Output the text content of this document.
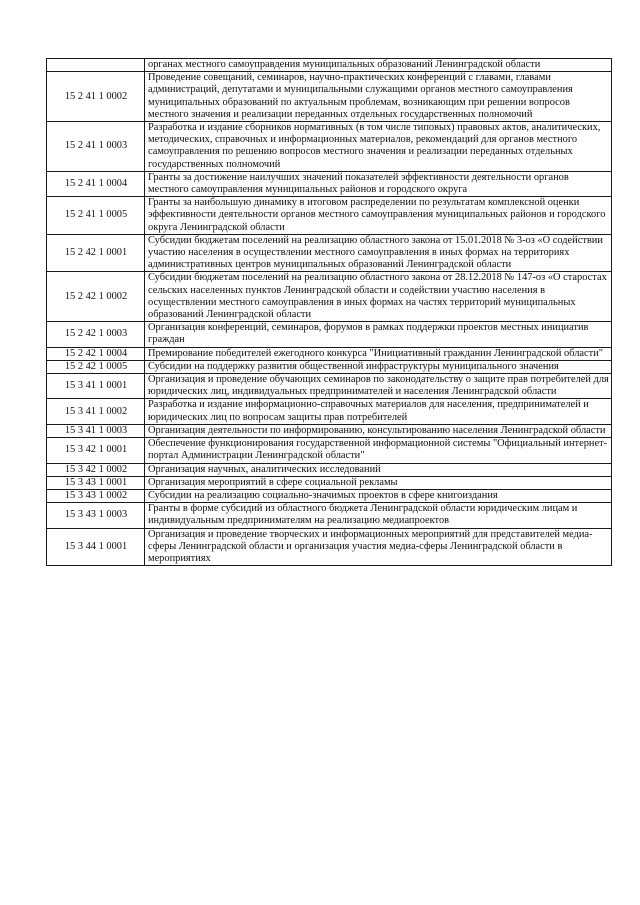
	органах местного самоуправдения муниципальных образований Ленинградской области
15 2 41 1 0002	Проведение совещаний, семинаров, научно-практических конференций с главами, главами администраций, депутатами и муниципальными служащими органов местного самоуправления муниципальных образований по актуальным проблемам, возникающим при решении вопросов местного значения и реализации переданных отдельных государственных полномочий
15 2 41 1 0003	Разработка и издание сборников нормативных (в том числе типовых) правовых актов, аналитических, методических, справочных и информационных материалов, рекомендаций для органов местного самоуправления по решению вопросов местного значения и реализации переданных отдельных государственных полномочий
15 2 41 1 0004	Гранты за достижение наилучших значений показателей эффективности деятельности органов местного самоуправления муниципальных районов и городского округа
15 2 41 1 0005	Гранты за наибольшую динамику в итоговом распределении по результатам комплексной оценки эффективности деятельности органов местного самоуправления муниципальных районов и городского округа Ленинградской области
15 2 42 1 0001	Субсидии бюджетам поселений на реализацию областного закона от 15.01.2018 № 3-оз «О содействии участию населения в осуществлении местного самоуправления в иных формах на территориях административных центров муниципальных образований Ленинградской области
15 2 42 1 0002	Субсидии бюджетам поселений на реализацию областного закона от 28.12.2018 № 147-оз «О старостах сельских населенных пунктов Ленинградской области и содействии участию населения в осуществлении местного самоуправления в иных формах на частях территорий муниципальных образований Ленинградской области
15 2 42 1 0003	Организация конференций, семинаров, форумов в рамках поддержки проектов местных инициатив граждан
15 2 42 1 0004	Премирование победителей ежегодного конкурса "Инициативный гражданин Ленинградской области"
15 2 42 1 0005	Субсидии на поддержку развития общественной инфраструктуры муниципального значения
15 3 41 1 0001	Организация и проведение обучающих семинаров по законодательству о защите прав потребителей для юридических лиц, индивидуальных предпринимателей и населения Ленинградской области
15 3 41 1 0002	Разработка и издание информационно-справочных материалов для населения, предпринимателей и юридических лиц по вопросам защиты прав потребителей
15 3 41 1 0003	Организация деятельности по информированию, консультированию населения Ленинградской области
15 3 42 1 0001	Обеспечение функционирования государственной информационной системы "Официальный интернет-портал Администрации Ленинградской области"
15 3 42 1 0002	Организация научных, аналитических исследований
15 3 43 1 0001	Организация мероприятий в сфере социальной рекламы
15 3 43 1 0002	Субсидии на реализацию социально-значимых проектов в сфере книгоиздания
15 3 43 1 0003	Гранты в форме субсидий из областного бюджета Ленинградской области юридическим лицам и индивидуальным предпринимателям на реализацию медиапроектов
15 3 44 1 0001	Организация и проведение творческих и информационных мероприятий для представителей медиа-сферы Ленинградской области и организация участия медиа-сферы Ленинградской области в мероприятиях
